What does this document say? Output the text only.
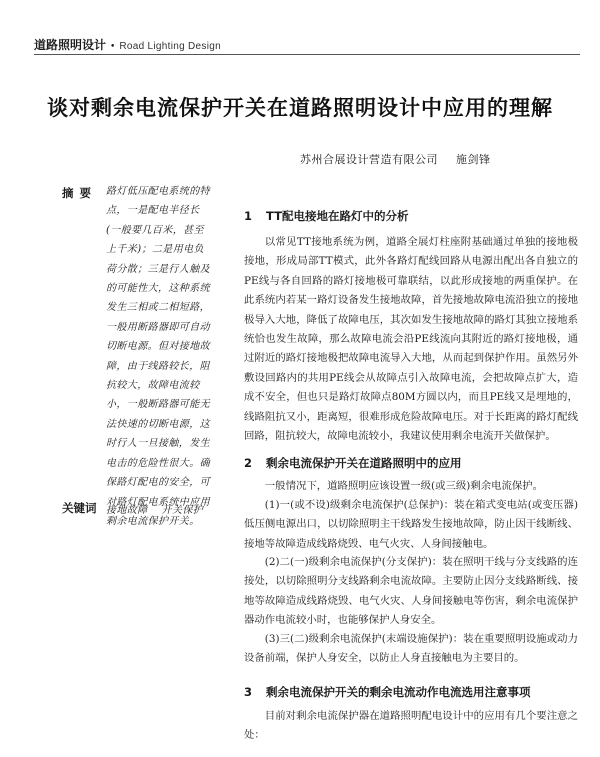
道路照明设计 • Road Lighting Design
谈对剩余电流保护开关在道路照明设计中应用的理解
苏州合展设计营造有限公司 施剑锋
摘要 路灯低压配电系统的特点，一是配电半径长(一般要几百米，甚至上千米)；二是用电负荷分散；三是行人触及的可能性大，这种系统发生三相或二相短路，一般用断路器即可自动切断电源。但对接地故障，由于线路较长，阻抗较大，故障电流较小，一般断路器可能无法快速的切断电源，这时行人一旦接触，发生电击的危险性很大。确保路灯配电的安全，可对路灯配电系统中应用剩余电流保护开关。
关键词 接地故障 开关保护
1 TT配电接地在路灯中的分析

以常见TT接地系统为例，道路全展灯柱座附基础通过单独的接地极接地，形成局部TT模式，此外各路灯配线回路从电源出配出各自独立的PE线与各自回路的路灯接地极可靠联结，以此形成接地的两重保护。在此系统内若某一路灯设备发生接地故障，首先接地故障电流沿独立的接地极导入大地，降低了故障电压，其次如发生接地故障的路灯其独立接地系统恰也发生故障，那么故障电流会沿PE线流向其附近的路灯接地极，通过附近的路灯接地极把故障电流导入大地，从而起到保护作用。虽然另外敷设回路内的共用PE线会从故障点引入故障电流，会把故障点扩大，造成不安全，但也只是路灯故障点80M方圆以内，而且PE线又是埋地的，线路阻抗又小，距离短，很难形成危险故障电压。对于长距离的路灯配线回路，阻抗较大，故障电流较小，我建议使用剩余电流开关做保护。

2 剩余电流保护开关在道路照明中的应用

一般情况下，道路照明应该设置一级(或三级)剩余电流保护。

(1)一(或不设)级剩余电流保护(总保护)：装在箱式变电站(或变压器)低压侧电源出口，以切除照明主干线路发生接地故障，防止因干线断线、接地等故障造成线路烧毁、电气火灾、人身间接触电。

(2)二(一)级剩余电流保护(分支保护)：装在照明干线与分支线路的连接处，以切除照明分支线路剩余电流故障。主要防止因分支线路断线、接地等故障造成线路烧毁、电气火灾、人身间接触电等伤害，剩余电流保护器动作电流较小时，也能够保护人身安全。

(3)三(二)级剩余电流保护(末端设施保护)：装在重要照明设施或动力设备前端，保护人身安全，以防止人身直接触电为主要目的。

3 剩余电流保护开关的剩余电流动作电流选用注意事项

目前对剩余电流保护器在道路照明配电设计中的应用有几个要注意之处：
